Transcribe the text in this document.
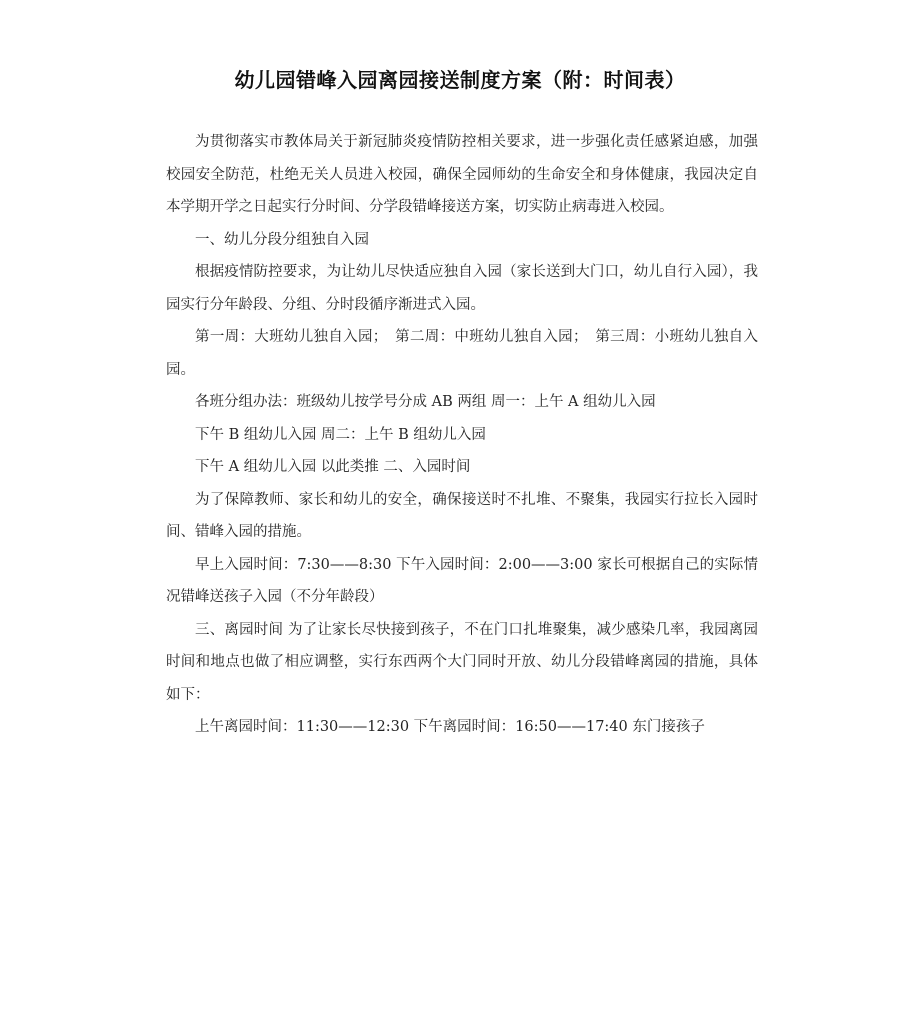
幼儿园错峰入园离园接送制度方案（附：时间表）

为贯彻落实市教体局关于新冠肺炎疫情防控相关要求，进一步强化责任感紧迫感，加强校园安全防范，杜绝无关人员进入校园，确保全园师幼的生命安全和身体健康，我园决定自本学期开学之日起实行分时间、分学段错峰接送方案，切实防止病毒进入校园。

一、幼儿分段分组独自入园

根据疫情防控要求，为让幼儿尽快适应独自入园（家长送到大门口，幼儿自行入园），我园实行分年龄段、分组、分时段循序渐进式入园。

第一周：大班幼儿独自入园；　第二周：中班幼儿独自入园；　第三周：小班幼儿独自入园。

各班分组办法：班级幼儿按学号分成 AB 两组 周一：上午 A 组幼儿入园

下午 B 组幼儿入园 周二：上午 B 组幼儿入园

下午 A 组幼儿入园 以此类推 二、入园时间

为了保障教师、家长和幼儿的安全，确保接送时不扎堆、不聚集，我园实行拉长入园时间、错峰入园的措施。

早上入园时间：7:30——8:30 下午入园时间：2:00——3:00 家长可根据自己的实际情况错峰送孩子入园（不分年龄段）

三、离园时间 为了让家长尽快接到孩子，不在门口扎堆聚集，减少感染几率，我园离园时间和地点也做了相应调整，实行东西两个大门同时开放、幼儿分段错峰离园的措施，具体如下：

上午离园时间：11:30——12:30 下午离园时间：16:50——17:40 东门接孩子
